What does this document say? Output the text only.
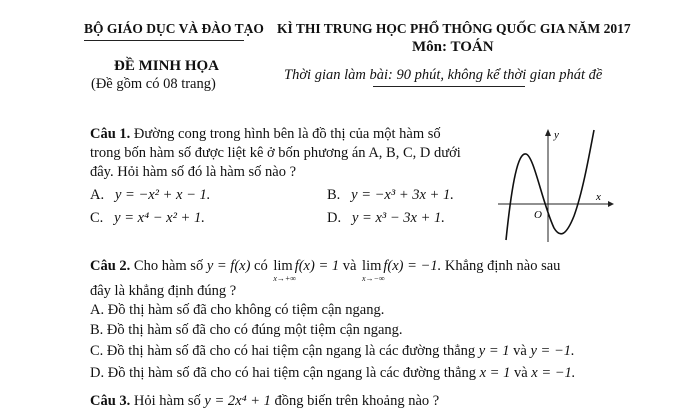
BỘ GIÁO DỤC VÀ ĐÀO TẠO KÌ THI TRUNG HỌC PHỔ THÔNG QUỐC GIA NĂM 2017
Môn: TOÁN
ĐỀ MINH HỌA
(Đề gồm có 08 trang)
Thời gian làm bài: 90 phút, không kể thời gian phát đề
Câu 1. Đường cong trong hình bên là đồ thị của một hàm số
trong bốn hàm số được liệt kê ở bốn phương án A, B, C, D dưới
đây. Hỏi hàm số đó là hàm số nào ?
A. y = −x² + x − 1.	B. y = −x³ + 3x + 1.
C. y = x⁴ − x² + 1.	D. y = x³ − 3x + 1.
y
x
O
Câu 2. Cho hàm số y = f(x) có lim
x→+∞
f(x) = 1 và lim
x→−∞
f(x) = −1. Khẳng định nào sau
đây là khẳng định đúng ?
A. Đồ thị hàm số đã cho không có tiệm cận ngang.
B. Đồ thị hàm số đã cho có đúng một tiệm cận ngang.
C. Đồ thị hàm số đã cho có hai tiệm cận ngang là các đường thẳng y = 1 và y = −1.
D. Đồ thị hàm số đã cho có hai tiệm cận ngang là các đường thẳng x = 1 và x = −1.
Câu 3. Hỏi hàm số y = 2x⁴ + 1 đồng biến trên khoảng nào ?
